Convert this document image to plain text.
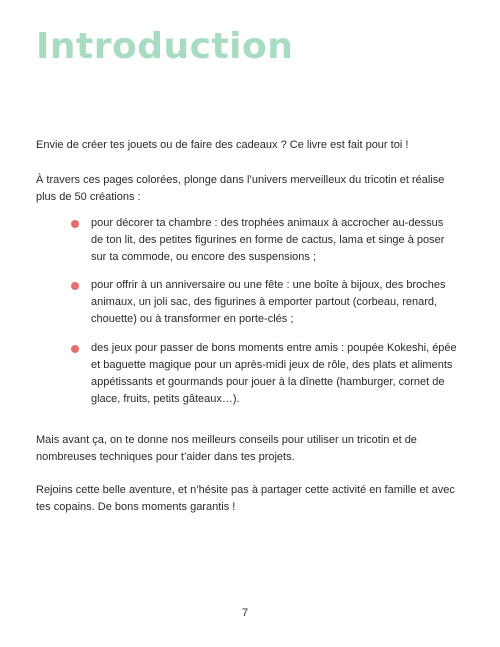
Introduction

Envie de créer tes jouets ou de faire des cadeaux ? Ce livre est fait pour toi !

À travers ces pages colorées, plonge dans l’univers merveilleux du tricotin et réalise plus de 50 créations :

pour décorer ta chambre : des trophées animaux à accrocher au-dessus de ton lit, des petites figurines en forme de cactus, lama et singe à poser sur ta commode, ou encore des suspensions ;
pour offrir à un anniversaire ou une fête : une boîte à bijoux, des broches animaux, un joli sac, des figurines à emporter partout (corbeau, renard, chouette) ou à transformer en porte-clés ;
des jeux pour passer de bons moments entre amis : poupée Kokeshi, épée et baguette magique pour un après-midi jeux de rôle, des plats et aliments appétissants et gourmands pour jouer à la dînette (hamburger, cornet de glace, fruits, petits gâteaux…).

Mais avant ça, on te donne nos meilleurs conseils pour utiliser un tricotin et de nombreuses techniques pour t’aider dans tes projets.

Rejoins cette belle aventure, et n’hésite pas à partager cette activité en famille et avec tes copains. De bons moments garantis !

7
